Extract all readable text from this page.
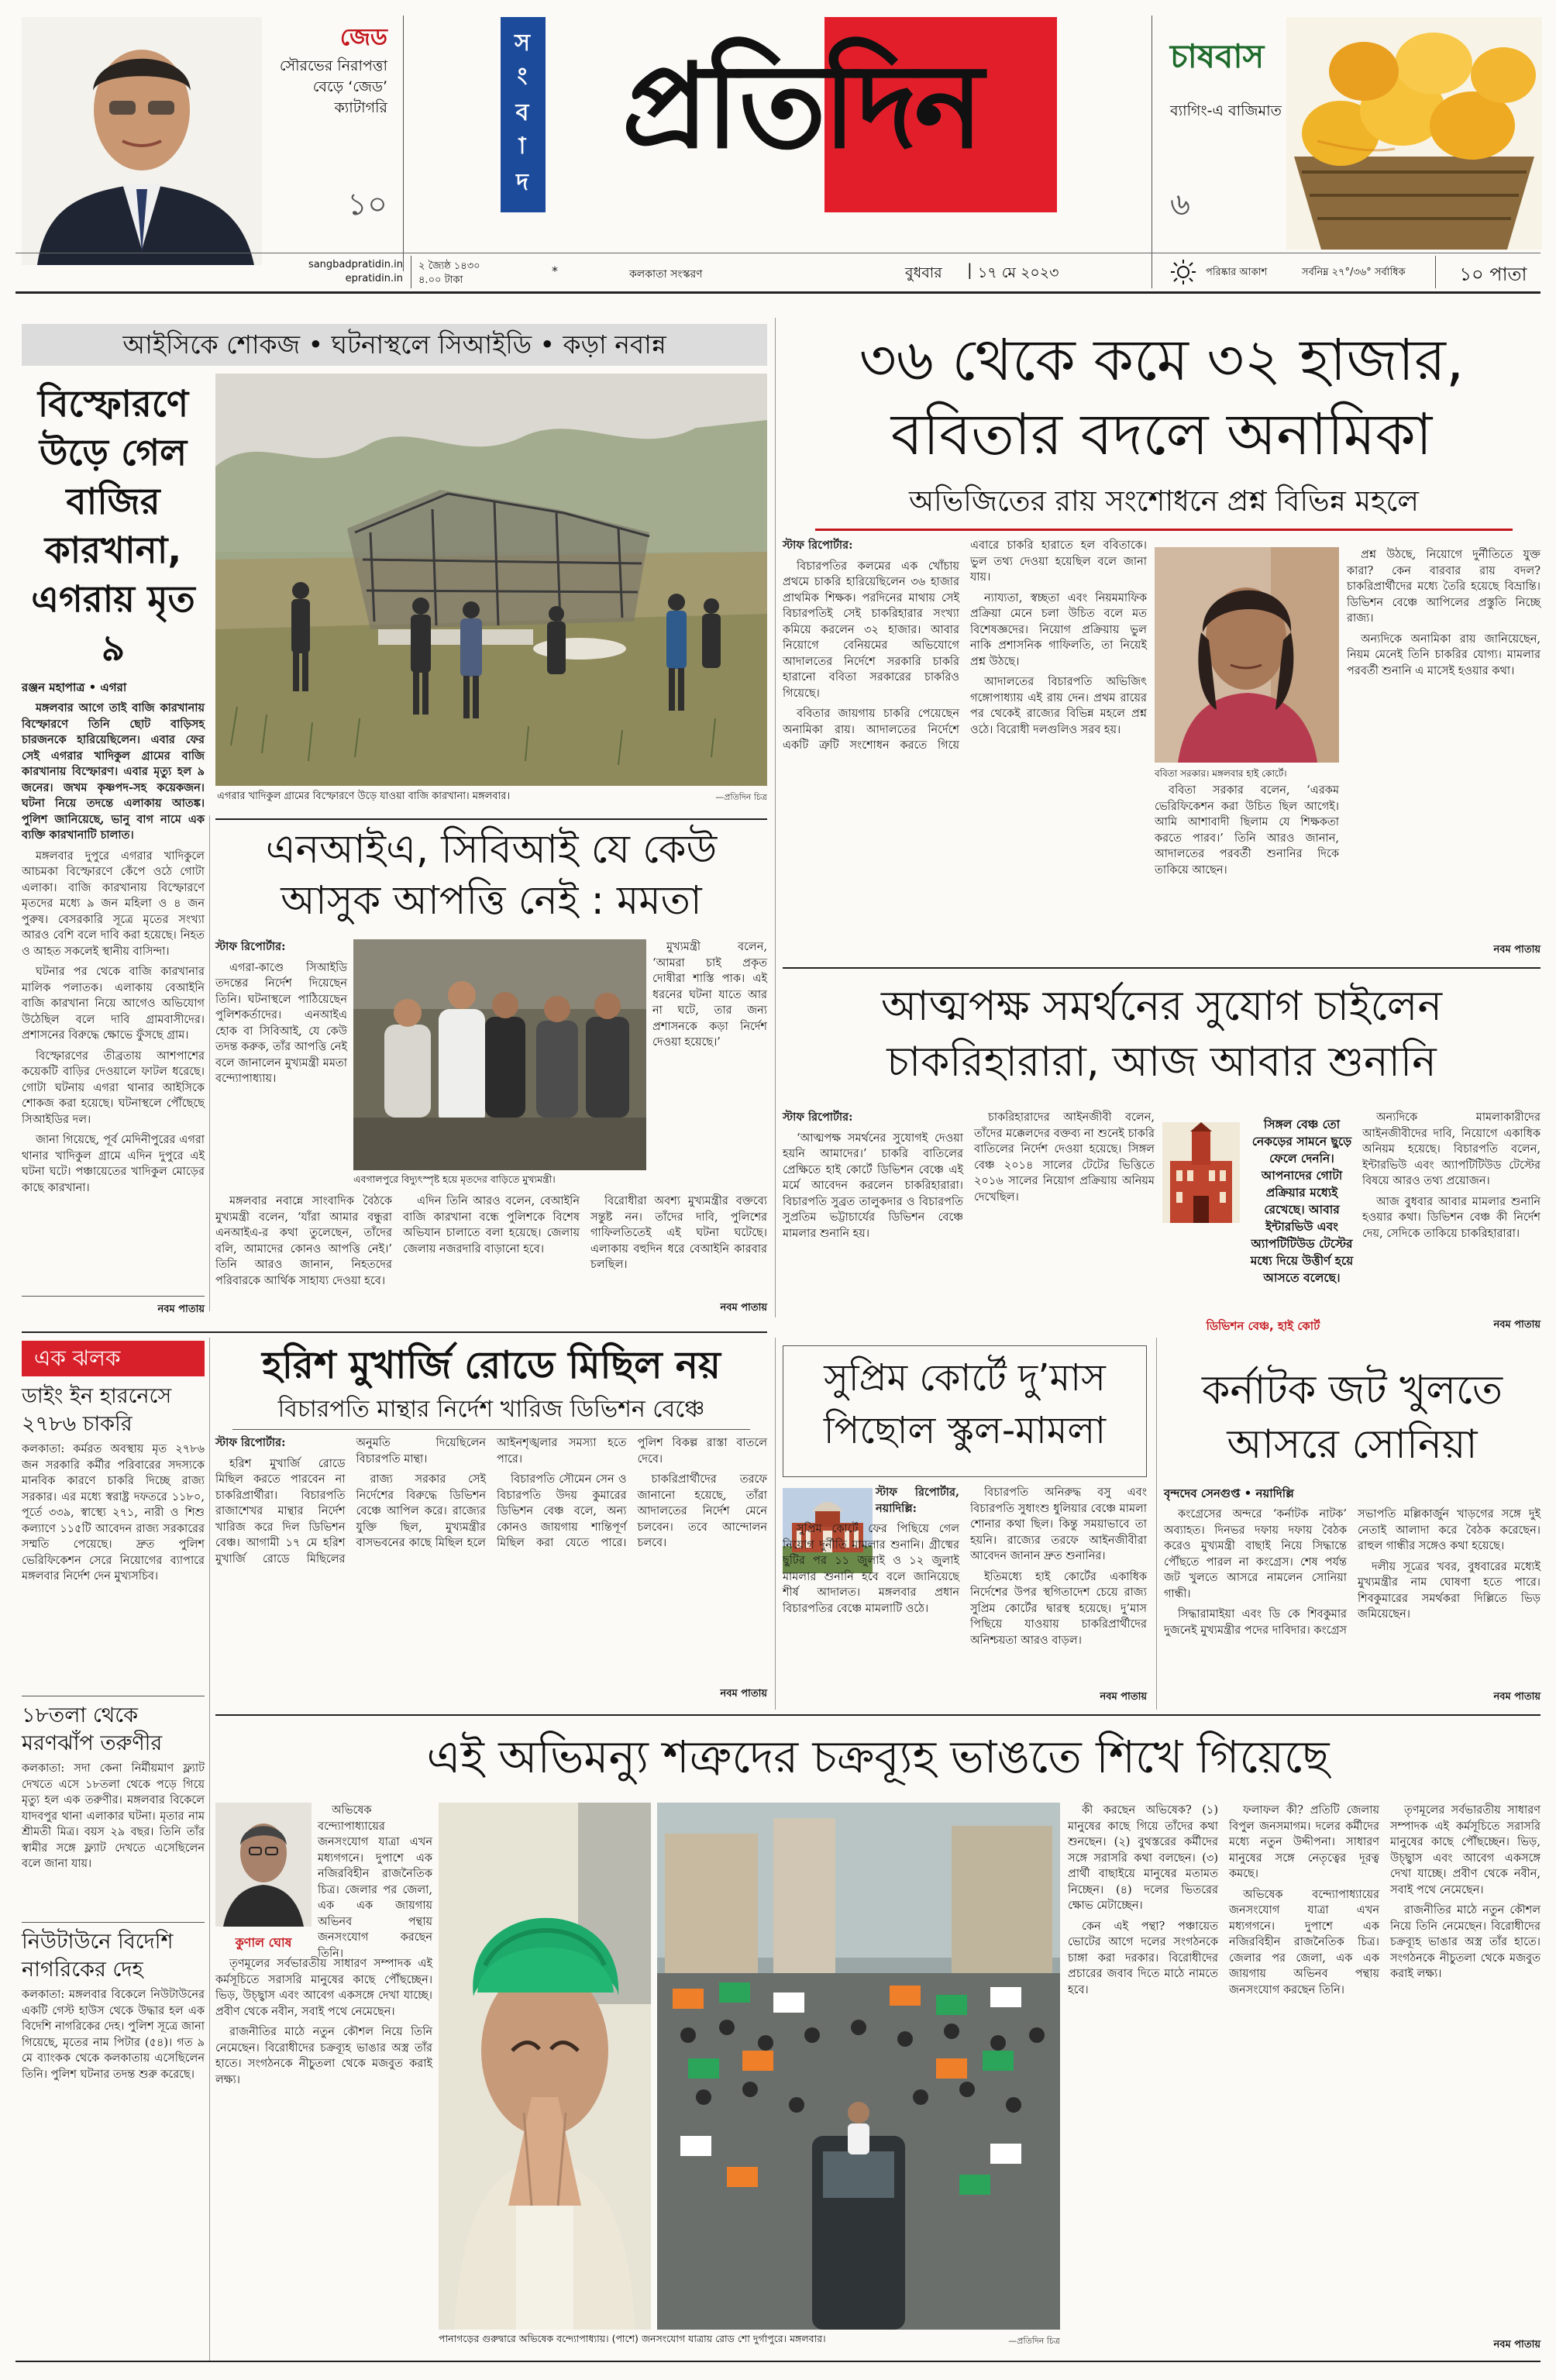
জেড
সৌরভের নিরাপত্তা বেড়ে ‘জেড’ ক্যাটাগরি
১০
সংবাদ প্রতিদিন	চাষবাস
ব্যাগিং-এ বাজিমাত
৬
sangbadpratidin.in
epratidin.in
২ জ্যৈষ্ঠ ১৪৩০
৪.০০ টাকা
*	কলকাতা সংস্করণ	বুধবার	| ১৭ মে ২০২৩	পরিষ্কার আকাশ	সর্বনিম্ন ২৭°/৩৬° সর্বাধিক	১০ পাতা
আইসিকে শোকজ • ঘটনাস্থলে সিআইডি • কড়া নবান্ন
এগরার খাদিকুল গ্রামের বিস্ফোরণে উড়ে যাওয়া বাজি কারখানা। মঙ্গলবার।	—প্রতিদিন চিত্র
বিস্ফোরণে উড়ে গেল বাজির কারখানা, এগরায় মৃত ৯
রঞ্জন মহাপাত্র • এগরা

মঙ্গলবার আগে তাই বাজি কারখানায় বিস্ফোরণে তিনি ছোট বাড়িসহ চারজনকে হারিয়েছিলেন। এবার ফের সেই এগরার খাদিকুল গ্রামের বাজি কারখানায় বিস্ফোরণ। এবার মৃত্যু হল ৯ জনের। জখম কৃষ্ণপদ-সহ কয়েকজন। ঘটনা নিয়ে তদন্তে এলাকায় আতঙ্ক। পুলিশ জানিয়েছে, ভানু বাগ নামে এক ব্যক্তি কারখানাটি চালাত।

মঙ্গলবার দুপুরে এগরার খাদিকুলে আচমকা বিস্ফোরণে কেঁপে ওঠে গোটা এলাকা। বাজি কারখানায় বিস্ফোরণে মৃতদের মধ্যে ৯ জন মহিলা ও ৪ জন পুরুষ। বেসরকারি সূত্রে মৃতের সংখ্যা আরও বেশি বলে দাবি করা হয়েছে। নিহত ও আহত সকলেই স্থানীয় বাসিন্দা।

ঘটনার পর থেকে বাজি কারখানার মালিক পলাতক। এলাকায় বেআইনি বাজি কারখানা নিয়ে আগেও অভিযোগ উঠেছিল বলে দাবি গ্রামবাসীদের। প্রশাসনের বিরুদ্ধে ক্ষোভে ফুঁসছে গ্রাম।

বিস্ফোরণের তীব্রতায় আশপাশের কয়েকটি বাড়ির দেওয়ালে ফাটল ধরেছে। গোটা ঘটনায় এগরা থানার আইসিকে শোকজ করা হয়েছে। ঘটনাস্থলে পৌঁছেছে সিআইডির দল।

জানা গিয়েছে, পূর্ব মেদিনীপুরের এগরা থানার খাদিকুল গ্রামে এদিন দুপুরে এই ঘটনা ঘটে। পঞ্চায়েতের খাদিকুল মোড়ের কাছে কারখানা।

নবম পাতায়
এনআইএ, সিবিআই যে কেউ
আসুক আপত্তি নেই : মমতা

স্টাফ রিপোর্টার:

এগরা-কাণ্ডে সিআইডি তদন্তের নির্দেশ দিয়েছেন তিনি। ঘটনাস্থলে পাঠিয়েছেন পুলিশকর্তাদের। এনআইএ হোক বা সিবিআই, যে কেউ তদন্ত করুক, তাঁর আপত্তি নেই বলে জানালেন মুখ্যমন্ত্রী মমতা বন্দ্যোপাধ্যায়।

এবগালপুরে বিদ্যুৎস্পৃষ্ট হয়ে মৃতদের বাড়িতে মুখ্যমন্ত্রী।

মুখ্যমন্ত্রী বলেন, ‘আমরা চাই প্রকৃত দোষীরা শাস্তি পাক। এই ধরনের ঘটনা যাতে আর না ঘটে, তার জন্য প্রশাসনকে কড়া নির্দেশ দেওয়া হয়েছে।’

মঙ্গলবার নবান্নে সাংবাদিক বৈঠকে মুখ্যমন্ত্রী বলেন, ‘যাঁরা আমার বন্ধুরা এনআইএ-র কথা তুলেছেন, তাঁদের বলি, আমাদের কোনও আপত্তি নেই।’ তিনি আরও জানান, নিহতদের পরিবারকে আর্থিক সাহায্য দেওয়া হবে।

এদিন তিনি আরও বলেন, বেআইনি বাজি কারখানা বন্ধে পুলিশকে বিশেষ অভিযান চালাতে বলা হয়েছে। জেলায় জেলায় নজরদারি বাড়ানো হবে।

বিরোধীরা অবশ্য মুখ্যমন্ত্রীর বক্তব্যে সন্তুষ্ট নন। তাঁদের দাবি, পুলিশের গাফিলতিতেই এই ঘটনা ঘটেছে। এলাকায় বহুদিন ধরে বেআইনি কারবার চলছিল।

নবম পাতায়
৩৬ থেকে কমে ৩২ হাজার,
ববিতার বদলে অনামিকা
অভিজিতের রায় সংশোধনে প্রশ্ন বিভিন্ন মহলে

স্টাফ রিপোর্টার:

বিচারপতির কলমের এক খোঁচায় প্রথমে চাকরি হারিয়েছিলেন ৩৬ হাজার প্রাথমিক শিক্ষক। পরদিনের মাথায় সেই বিচারপতিই সেই চাকরিহারার সংখ্যা কমিয়ে করলেন ৩২ হাজার। আবার নিয়োগে বেনিয়মের অভিযোগে আদালতের নির্দেশে সরকারি চাকরি হারানো ববিতা সরকারের চাকরিও গিয়েছে।

ববিতার জায়গায় চাকরি পেয়েছেন অনামিকা রায়। আদালতের নির্দেশে একটি ত্রুটি সংশোধন করতে গিয়ে এবারে চাকরি হারাতে হল ববিতাকে। ভুল তথ্য দেওয়া হয়েছিল বলে জানা যায়।

ন্যায্যতা, স্বচ্ছতা এবং নিয়মমাফিক প্রক্রিয়া মেনে চলা উচিত বলে মত বিশেষজ্ঞদের। নিয়োগ প্রক্রিয়ায় ভুল নাকি প্রশাসনিক গাফিলতি, তা নিয়েই প্রশ্ন উঠছে।

আদালতের বিচারপতি অভিজিৎ গঙ্গোপাধ্যায় এই রায় দেন। প্রথম রায়ের পর থেকেই রাজ্যের বিভিন্ন মহলে প্রশ্ন ওঠে। বিরোধী দলগুলিও সরব হয়।

ববিতা সরকার। মঙ্গলবার হাই কোর্টে।

ববিতা সরকার বলেন, ‘এরকম ভেরিফিকেশন করা উচিত ছিল আগেই। আমি আশাবাদী ছিলাম যে শিক্ষকতা করতে পারব।’ তিনি আরও জানান, আদালতের পরবর্তী শুনানির দিকে তাকিয়ে আছেন।

প্রশ্ন উঠছে, নিয়োগে দুর্নীতিতে যুক্ত কারা? কেন বারবার রায় বদল? চাকরিপ্রার্থীদের মধ্যে তৈরি হয়েছে বিভ্রান্তি। ডিভিশন বেঞ্চে আপিলের প্রস্তুতি নিচ্ছে রাজ্য।

অন্যদিকে অনামিকা রায় জানিয়েছেন, নিয়ম মেনেই তিনি চাকরির যোগ্য। মামলার পরবর্তী শুনানি এ মাসেই হওয়ার কথা।

নবম পাতায়
আত্মপক্ষ সমর্থনের সুযোগ চাইলেন
চাকরিহারারা, আজ আবার শুনানি

স্টাফ রিপোর্টার:

‘আত্মপক্ষ সমর্থনের সুযোগই দেওয়া হয়নি আমাদের।’ চাকরি বাতিলের প্রেক্ষিতে হাই কোর্টে ডিভিশন বেঞ্চে এই মর্মে আবেদন করলেন চাকরিহারারা। বিচারপতি সুব্রত তালুকদার ও বিচারপতি সুপ্রতিম ভট্টাচার্যের ডিভিশন বেঞ্চে মামলার শুনানি হয়।

চাকরিহারাদের আইনজীবী বলেন, তাঁদের মক্কেলদের বক্তব্য না শুনেই চাকরি বাতিলের নির্দেশ দেওয়া হয়েছে। সিঙ্গল বেঞ্চ ২০১৪ সালের টেটের ভিত্তিতে ২০১৬ সালের নিয়োগ প্রক্রিয়ায় অনিয়ম দেখেছিল।

সিঙ্গল বেঞ্চ তো নেকড়ের সামনে ছুড়ে ফেলে দেননি। আপনাদের গোটা প্রক্রিয়ার মধ্যেই রেখেছে। আবার ইন্টারভিউ এবং অ্যাপটিটিউড টেস্টের মধ্যে দিয়ে উত্তীর্ণ হয়ে আসতে বলেছে।
ডিভিশন বেঞ্চ, হাই কোর্ট

অন্যদিকে মামলাকারীদের আইনজীবীদের দাবি, নিয়োগে একাধিক অনিয়ম হয়েছে। বিচারপতি বলেন, ইন্টারভিউ এবং অ্যাপটিটিউড টেস্টের বিষয়ে আরও তথ্য প্রয়োজন।

আজ বুধবার আবার মামলার শুনানি হওয়ার কথা। ডিভিশন বেঞ্চ কী নির্দেশ দেয়, সেদিকে তাকিয়ে চাকরিহারারা।

নবম পাতায়
এক ঝলক
ডাইং ইন হারনেসে ২৭৮৬ চাকরি
কলকাতা: কর্মরত অবস্থায় মৃত ২৭৮৬ জন সরকারি কর্মীর পরিবারের সদস্যকে মানবিক কারণে চাকরি দিচ্ছে রাজ্য সরকার। এর মধ্যে স্বরাষ্ট্র দফতরে ১১৮০, পূর্তে ৩৩৯, স্বাস্থ্যে ২৭১, নারী ও শিশু কল্যাণে ১১৫টি আবেদন রাজ্য সরকারের সম্মতি পেয়েছে। দ্রুত পুলিশ ভেরিফিকেশন সেরে নিয়োগের ব্যাপারে মঙ্গলবার নির্দেশ দেন মুখ্যসচিব।
১৮তলা থেকে মরণঝাঁপ তরুণীর
কলকাতা: সদা কেনা নির্মীয়মাণ ফ্ল্যাট দেখতে এসে ১৮তলা থেকে পড়ে গিয়ে মৃত্যু হল এক তরুণীর। মঙ্গলবার বিকেলে যাদবপুর থানা এলাকার ঘটনা। মৃতার নাম শ্রীমতী মিত্র। বয়স ২৯ বছর। তিনি তাঁর স্বামীর সঙ্গে ফ্ল্যাট দেখতে এসেছিলেন বলে জানা যায়।
নিউটাউনে বিদেশি নাগরিকের দেহ
কলকাতা: মঙ্গলবার বিকেলে নিউটাউনের একটি গেস্ট হাউস থেকে উদ্ধার হল এক বিদেশি নাগরিকের দেহ। পুলিশ সূত্রে জানা গিয়েছে, মৃতের নাম পিটার (৫৪)। গত ৯ মে ব্যাংকক থেকে কলকাতায় এসেছিলেন তিনি। পুলিশ ঘটনার তদন্ত শুরু করেছে।
হরিশ মুখার্জি রোডে মিছিল নয়
বিচারপতি মান্থার নির্দেশ খারিজ ডিভিশন বেঞ্চে

স্টাফ রিপোর্টার:

হরিশ মুখার্জি রোডে মিছিল করতে পারবেন না চাকরিপ্রার্থীরা। বিচারপতি রাজাশেখর মান্থার নির্দেশ খারিজ করে দিল ডিভিশন বেঞ্চ। আগামী ১৭ মে হরিশ মুখার্জি রোডে মিছিলের অনুমতি দিয়েছিলেন বিচারপতি মান্থা।

রাজ্য সরকার সেই নির্দেশের বিরুদ্ধে ডিভিশন বেঞ্চে আপিল করে। রাজ্যের যুক্তি ছিল, মুখ্যমন্ত্রীর বাসভবনের কাছে মিছিল হলে আইনশৃঙ্খলার সমস্যা হতে পারে।

বিচারপতি সৌমেন সেন ও বিচারপতি উদয় কুমারের ডিভিশন বেঞ্চ বলে, অন্য কোনও জায়গায় শান্তিপূর্ণ মিছিল করা যেতে পারে। পুলিশ বিকল্প রাস্তা বাতলে দেবে।

চাকরিপ্রার্থীদের তরফে জানানো হয়েছে, তাঁরা আদালতের নির্দেশ মেনে চলবেন। তবে আন্দোলন চলবে।

নবম পাতায়
সুপ্রিম কোর্টে দু’মাস
পিছোল স্কুল-মামলা

স্টাফ রিপোর্টার, নয়াদিল্লি:

সুপ্রিম কোর্টে ফের পিছিয়ে গেল নিয়োগ দুর্নীতি মামলার শুনানি। গ্রীষ্মের ছুটির পর ১১ জুলাই ও ১২ জুলাই মামলার শুনানি হবে বলে জানিয়েছে শীর্ষ আদালত। মঙ্গলবার প্রধান বিচারপতির বেঞ্চে মামলাটি ওঠে।

বিচারপতি অনিরুদ্ধ বসু এবং বিচারপতি সুধাংশু ধুলিয়ার বেঞ্চে মামলা শোনার কথা ছিল। কিন্তু সময়াভাবে তা হয়নি। রাজ্যের তরফে আইনজীবীরা আবেদন জানান দ্রুত শুনানির।

ইতিমধ্যে হাই কোর্টের একাধিক নির্দেশের উপর স্থগিতাদেশ চেয়ে রাজ্য সুপ্রিম কোর্টের দ্বারস্থ হয়েছে। দু’মাস পিছিয়ে যাওয়ায় চাকরিপ্রার্থীদের অনিশ্চয়তা আরও বাড়ল।

নবম পাতায়
কর্নাটক জট খুলতে
আসরে সোনিয়া
বৃন্দদেব সেনগুপ্ত • নয়াদিল্লি

কংগ্রেসের অন্দরে ‘কর্নাটক নাটক’ অব্যাহত। দিনভর দফায় দফায় বৈঠক করেও মুখ্যমন্ত্রী বাছাই নিয়ে সিদ্ধান্তে পৌঁছতে পারল না কংগ্রেস। শেষ পর্যন্ত জট খুলতে আসরে নামলেন সোনিয়া গান্ধী।

সিদ্ধারামাইয়া এবং ডি কে শিবকুমার দুজনেই মুখ্যমন্ত্রীর পদের দাবিদার। কংগ্রেস সভাপতি মল্লিকার্জুন খাড়গের সঙ্গে দুই নেতাই আলাদা করে বৈঠক করেছেন। রাহুল গান্ধীর সঙ্গেও কথা হয়েছে।

দলীয় সূত্রের খবর, বুধবারের মধ্যেই মুখ্যমন্ত্রীর নাম ঘোষণা হতে পারে। শিবকুমারের সমর্থকরা দিল্লিতে ভিড় জমিয়েছেন।

নবম পাতায়
এই অভিমন্যু শত্রুদের চক্রব্যূহ ভাঙতে শিখে গিয়েছে
কুণাল ঘোষ

অভিষেক বন্দ্যোপাধ্যায়ের জনসংযোগ যাত্রা এখন মধ্যগগনে। দুপাশে এক নজিরবিহীন রাজনৈতিক চিত্র। জেলার পর জেলা, এক এক জায়গায় অভিনব পন্থায় জনসংযোগ করছেন তিনি।

তৃণমূলের সর্বভারতীয় সাধারণ সম্পাদক এই কর্মসূচিতে সরাসরি মানুষের কাছে পৌঁছচ্ছেন। ভিড়, উচ্ছ্বাস এবং আবেগ একসঙ্গে দেখা যাচ্ছে। প্রবীণ থেকে নবীন, সবাই পথে নেমেছেন।

রাজনীতির মাঠে নতুন কৌশল নিয়ে তিনি নেমেছেন। বিরোধীদের চক্রব্যূহ ভাঙার অস্ত্র তাঁর হাতে। সংগঠনকে নীচুতলা থেকে মজবুত করাই লক্ষ্য।

পানাগড়ের গুরুদ্বারে অভিষেক বন্দ্যোপাধ্যায়। (পাশে) জনসংযোগ যাত্রায় রোড শো দুর্গাপুরে। মঙ্গলবার।	—প্রতিদিন চিত্র

কী করছেন অভিষেক? (১) মানুষের কাছে গিয়ে তাঁদের কথা শুনছেন। (২) বুথস্তরের কর্মীদের সঙ্গে সরাসরি কথা বলছেন। (৩) প্রার্থী বাছাইয়ে মানুষের মতামত নিচ্ছেন। (৪) দলের ভিতরের ক্ষোভ মেটাচ্ছেন।

কেন এই পন্থা? পঞ্চায়েত ভোটের আগে দলের সংগঠনকে চাঙ্গা করা দরকার। বিরোধীদের প্রচারের জবাব দিতে মাঠে নামতে হবে।

ফলাফল কী? প্রতিটি জেলায় বিপুল জনসমাগম। দলের কর্মীদের মধ্যে নতুন উদ্দীপনা। সাধারণ মানুষের সঙ্গে নেতৃত্বের দূরত্ব কমছে।

অভিষেক বন্দ্যোপাধ্যায়ের জনসংযোগ যাত্রা এখন মধ্যগগনে। দুপাশে এক নজিরবিহীন রাজনৈতিক চিত্র। জেলার পর জেলা, এক এক জায়গায় অভিনব পন্থায় জনসংযোগ করছেন তিনি।

তৃণমূলের সর্বভারতীয় সাধারণ সম্পাদক এই কর্মসূচিতে সরাসরি মানুষের কাছে পৌঁছচ্ছেন। ভিড়, উচ্ছ্বাস এবং আবেগ একসঙ্গে দেখা যাচ্ছে। প্রবীণ থেকে নবীন, সবাই পথে নেমেছেন।

রাজনীতির মাঠে নতুন কৌশল নিয়ে তিনি নেমেছেন। বিরোধীদের চক্রব্যূহ ভাঙার অস্ত্র তাঁর হাতে। সংগঠনকে নীচুতলা থেকে মজবুত করাই লক্ষ্য।

নবম পাতায়
